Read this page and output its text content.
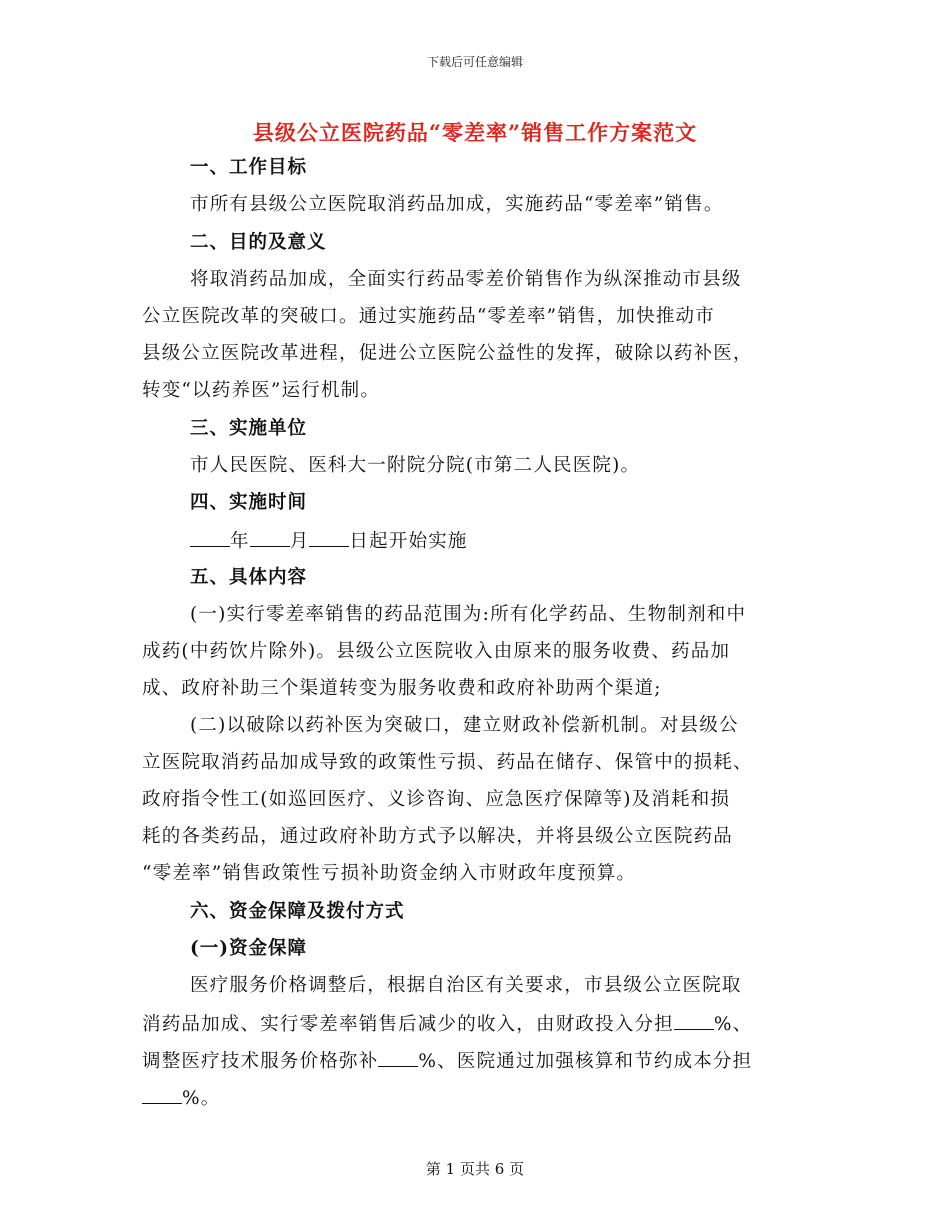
下载后可任意编辑
县级公立医院药品“零差率”销售工作方案范文
一、工作目标
市所有县级公立医院取消药品加成，实施药品“零差率”销售。
二、目的及意义
将取消药品加成，全面实行药品零差价销售作为纵深推动市县级
公立医院改革的突破口。通过实施药品“零差率”销售，加快推动市
县级公立医院改革进程，促进公立医院公益性的发挥，破除以药补医，
转变“以药养医”运行机制。
三、实施单位
市人民医院、医科大一附院分院(市第二人民医院)。
四、实施时间
年 月 日起开始实施
五、具体内容
(一)实行零差率销售的药品范围为:所有化学药品、生物制剂和中
成药(中药饮片除外)。县级公立医院收入由原来的服务收费、药品加
成、政府补助三个渠道转变为服务收费和政府补助两个渠道;
(二)以破除以药补医为突破口，建立财政补偿新机制。对县级公
立医院取消药品加成导致的政策性亏损、药品在储存、保管中的损耗、
政府指令性工(如巡回医疗、义诊咨询、应急医疗保障等)及消耗和损
耗的各类药品，通过政府补助方式予以解决，并将县级公立医院药品
“零差率”销售政策性亏损补助资金纳入市财政年度预算。
六、资金保障及拨付方式
(一)资金保障
医疗服务价格调整后，根据自治区有关要求，市县级公立医院取
消药品加成、实行零差率销售后减少的收入，由财政投入分担 %、
调整医疗技术服务价格弥补 %、医院通过加强核算和节约成本分担
%。
第 1 页共 6 页
